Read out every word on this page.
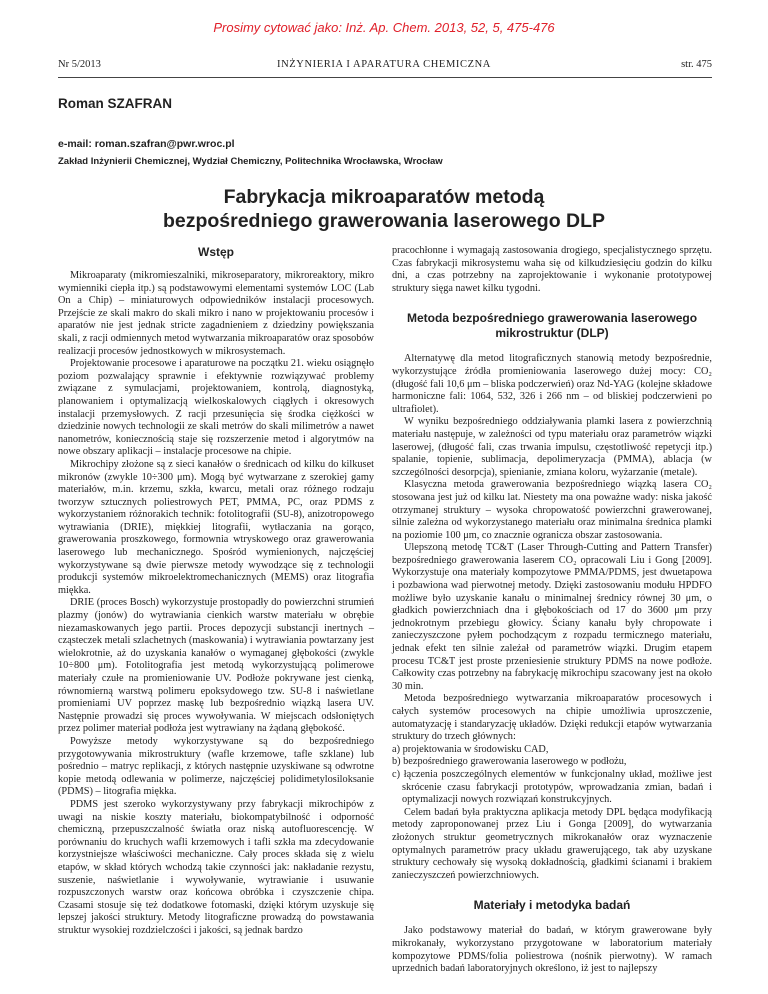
Prosimy cytować jako: Inż. Ap. Chem. 2013, 52, 5, 475-476
Nr 5/2013	INŻYNIERIA I APARATURA CHEMICZNA	str. 475
Roman SZAFRAN
e-mail: roman.szafran@pwr.wroc.pl
Zakład Inżynierii Chemicznej, Wydział Chemiczny, Politechnika Wrocławska, Wrocław
Fabrykacja mikroaparatów metodą
bezpośredniego grawerowania laserowego DLP
Wstęp

Mikroaparaty (mikromieszalniki, mikroseparatory, mikroreaktory, mikro wymienniki ciepła itp.) są podstawowymi elementami systemów LOC (Lab On a Chip) – miniaturowych odpowiedników instalacji procesowych. Przejście ze skali makro do skali mikro i nano w projektowaniu procesów i aparatów nie jest jednak stricte zagadnieniem z dziedziny powiększania skali, z racji odmiennych metod wytwarzania mikroaparatów oraz sposobów realizacji procesów jednostkowych w mikrosystemach.

Projektowanie procesowe i aparaturowe na początku 21. wieku osiągnęło poziom pozwalający sprawnie i efektywnie rozwiązywać problemy związane z symulacjami, projektowaniem, kontrolą, diagnostyką, planowaniem i optymalizacją wielkoskalowych ciągłych i okresowych instalacji przemysłowych. Z racji przesunięcia się środka ciężkości w dziedzinie nowych technologii ze skali metrów do skali milimetrów a nawet nanometrów, koniecznością staje się rozszerzenie metod i algorytmów na nowe obszary aplikacji – instalacje procesowe na chipie.

Mikrochipy złożone są z sieci kanałów o średnicach od kilku do kilkuset mikronów (zwykle 10÷300 μm). Mogą być wytwarzane z szerokiej gamy materiałów, m.in. krzemu, szkła, kwarcu, metali oraz różnego rodzaju tworzyw sztucznych poliestrowych PET, PMMA, PC, oraz PDMS z wykorzystaniem różnorakich technik: fotolitografii (SU-8), anizotropowego wytrawiania (DRIE), miękkiej litografii, wytłaczania na gorąco, grawerowania proszkowego, formownia wtryskowego oraz grawerowania laserowego lub mechanicznego. Spośród wymienionych, najczęściej wykorzystywane są dwie pierwsze metody wywodzące się z technologii produkcji systemów mikroelektromechanicznych (MEMS) oraz litografia miękka.

DRIE (proces Bosch) wykorzystuje prostopadły do powierzchni strumień plazmy (jonów) do wytrawiania cienkich warstw materiału w obrębie niezamaskowanych jego partii. Proces depozycji substancji inertnych – cząsteczek metali szlachetnych (maskowania) i wytrawiania powtarzany jest wielokrotnie, aż do uzyskania kanałów o wymaganej głębokości (zwykle 10÷800 μm). Fotolitografia jest metodą wykorzystującą polimerowe materiały czułe na promieniowanie UV. Podłoże pokrywane jest cienką, równomierną warstwą polimeru epoksydowego tzw. SU-8 i naświetlane promieniami UV poprzez maskę lub bezpośrednio wiązką lasera UV. Następnie prowadzi się proces wywoływania. W miejscach odsłoniętych przez polimer materiał podłoża jest wytrawiany na żądaną głębokość.

Powyższe metody wykorzystywane są do bezpośredniego przygotowywania mikrostruktury (wafle krzemowe, tafle szklane) lub pośrednio – matryc replikacji, z których następnie uzyskiwane są odwrotne kopie metodą odlewania w polimerze, najczęściej polidimetylosiloksanie (PDMS) – litografia miękka.

PDMS jest szeroko wykorzystywany przy fabrykacji mikrochipów z uwagi na niskie koszty materiału, biokompatybilność i odporność chemiczną, przepuszczalność światła oraz niską autofluorescencję. W porównaniu do kruchych wafli krzemowych i tafli szkła ma zdecydowanie korzystniejsze właściwości mechaniczne. Cały proces składa się z wielu etapów, w skład których wchodzą takie czynności jak: nakładanie rezystu, suszenie, naświetlanie i wywoływanie, wytrawianie i usuwanie rozpuszczonych warstw oraz końcowa obróbka i czyszczenie chipa. Czasami stosuje się też dodatkowe fotomaski, dzięki którym uzyskuje się lepszej jakości struktury. Metody litograficzne prowadzą do powstawania struktur wysokiej rozdzielczości i jakości, są jednak bardzo

pracochłonne i wymagają zastosowania drogiego, specjalistycznego sprzętu. Czas fabrykacji mikrosystemu waha się od kilkudziesięciu godzin do kilku dni, a czas potrzebny na zaprojektowanie i wykonanie prototypowej struktury sięga nawet kilku tygodni.

Metoda bezpośredniego grawerowania laserowego
mikrostruktur (DLP)

Alternatywę dla metod litograficznych stanowią metody bezpośrednie, wykorzystujące źródła promieniowania laserowego dużej mocy: CO₂ (długość fali 10,6 μm – bliska podczerwień) oraz Nd-YAG (kolejne składowe harmoniczne fali: 1064, 532, 326 i 266 nm – od bliskiej podczerwieni po ultrafiolet).

W wyniku bezpośredniego oddziaływania plamki lasera z powierzchnią materiału następuje, w zależności od typu materiału oraz parametrów wiązki laserowej, (długość fali, czas trwania impulsu, częstotliwość repetycji itp.) spalanie, topienie, sublimacja, depolimeryzacja (PMMA), ablacja (w szczególności desorpcja), spienianie, zmiana koloru, wyżarzanie (metale).

Klasyczna metoda grawerowania bezpośredniego wiązką lasera CO₂ stosowana jest już od kilku lat. Niestety ma ona poważne wady: niska jakość otrzymanej struktury – wysoka chropowatość powierzchni grawerowanej, silnie zależna od wykorzystanego materiału oraz minimalna średnica plamki na poziomie 100 μm, co znacznie ogranicza obszar zastosowania.

Ulepszoną metodę TC&T (Laser Through-Cutting and Pattern Transfer) bezpośredniego grawerowania laserem CO₂ opracowali Liu i Gong [2009]. Wykorzystuje ona materiały kompozytowe PMMA/PDMS, jest dwuetapowa i pozbawiona wad pierwotnej metody. Dzięki zastosowaniu modułu HPDFO możliwe było uzyskanie kanału o minimalnej średnicy równej 30 μm, o gładkich powierzchniach dna i głębokościach od 17 do 3600 μm przy jednokrotnym przebiegu głowicy. Ściany kanału były chropowate i zanieczyszczone pyłem pochodzącym z rozpadu termicznego materiału, jednak efekt ten silnie zależał od parametrów wiązki. Drugim etapem procesu TC&T jest proste przeniesienie struktury PDMS na nowe podłoże. Całkowity czas potrzebny na fabrykację mikrochipu szacowany jest na około 30 min.

Metoda bezpośredniego wytwarzania mikroaparatów procesowych i całych systemów procesowych na chipie umożliwia uproszczenie, automatyzację i standaryzację układów. Dzięki redukcji etapów wytwarzania struktury do trzech głównych:

a) projektowania w środowisku CAD,
b) bezpośredniego grawerowania laserowego w podłożu,
c) łączenia poszczególnych elementów w funkcjonalny układ, możliwe jest skrócenie czasu fabrykacji prototypów, wprowadzania zmian, badań i optymalizacji nowych rozwiązań konstrukcyjnych.

Celem badań była praktyczna aplikacja metody DPL będąca modyfikacją metody zaproponowanej przez Liu i Gonga [2009], do wytwarzania złożonych struktur geometrycznych mikrokanałów oraz wyznaczenie optymalnych parametrów pracy układu grawerującego, tak aby uzyskane struktury cechowały się wysoką dokładnością, gładkimi ścianami i brakiem zanieczyszczeń powierzchniowych.

Materiały i metodyka badań

Jako podstawowy materiał do badań, w którym grawerowane były mikrokanały, wykorzystano przygotowane w laboratorium materiały kompozytowe PDMS/folia poliestrowa (nośnik pierwotny). W ramach uprzednich badań laboratoryjnych określono, iż jest to najlepszy
